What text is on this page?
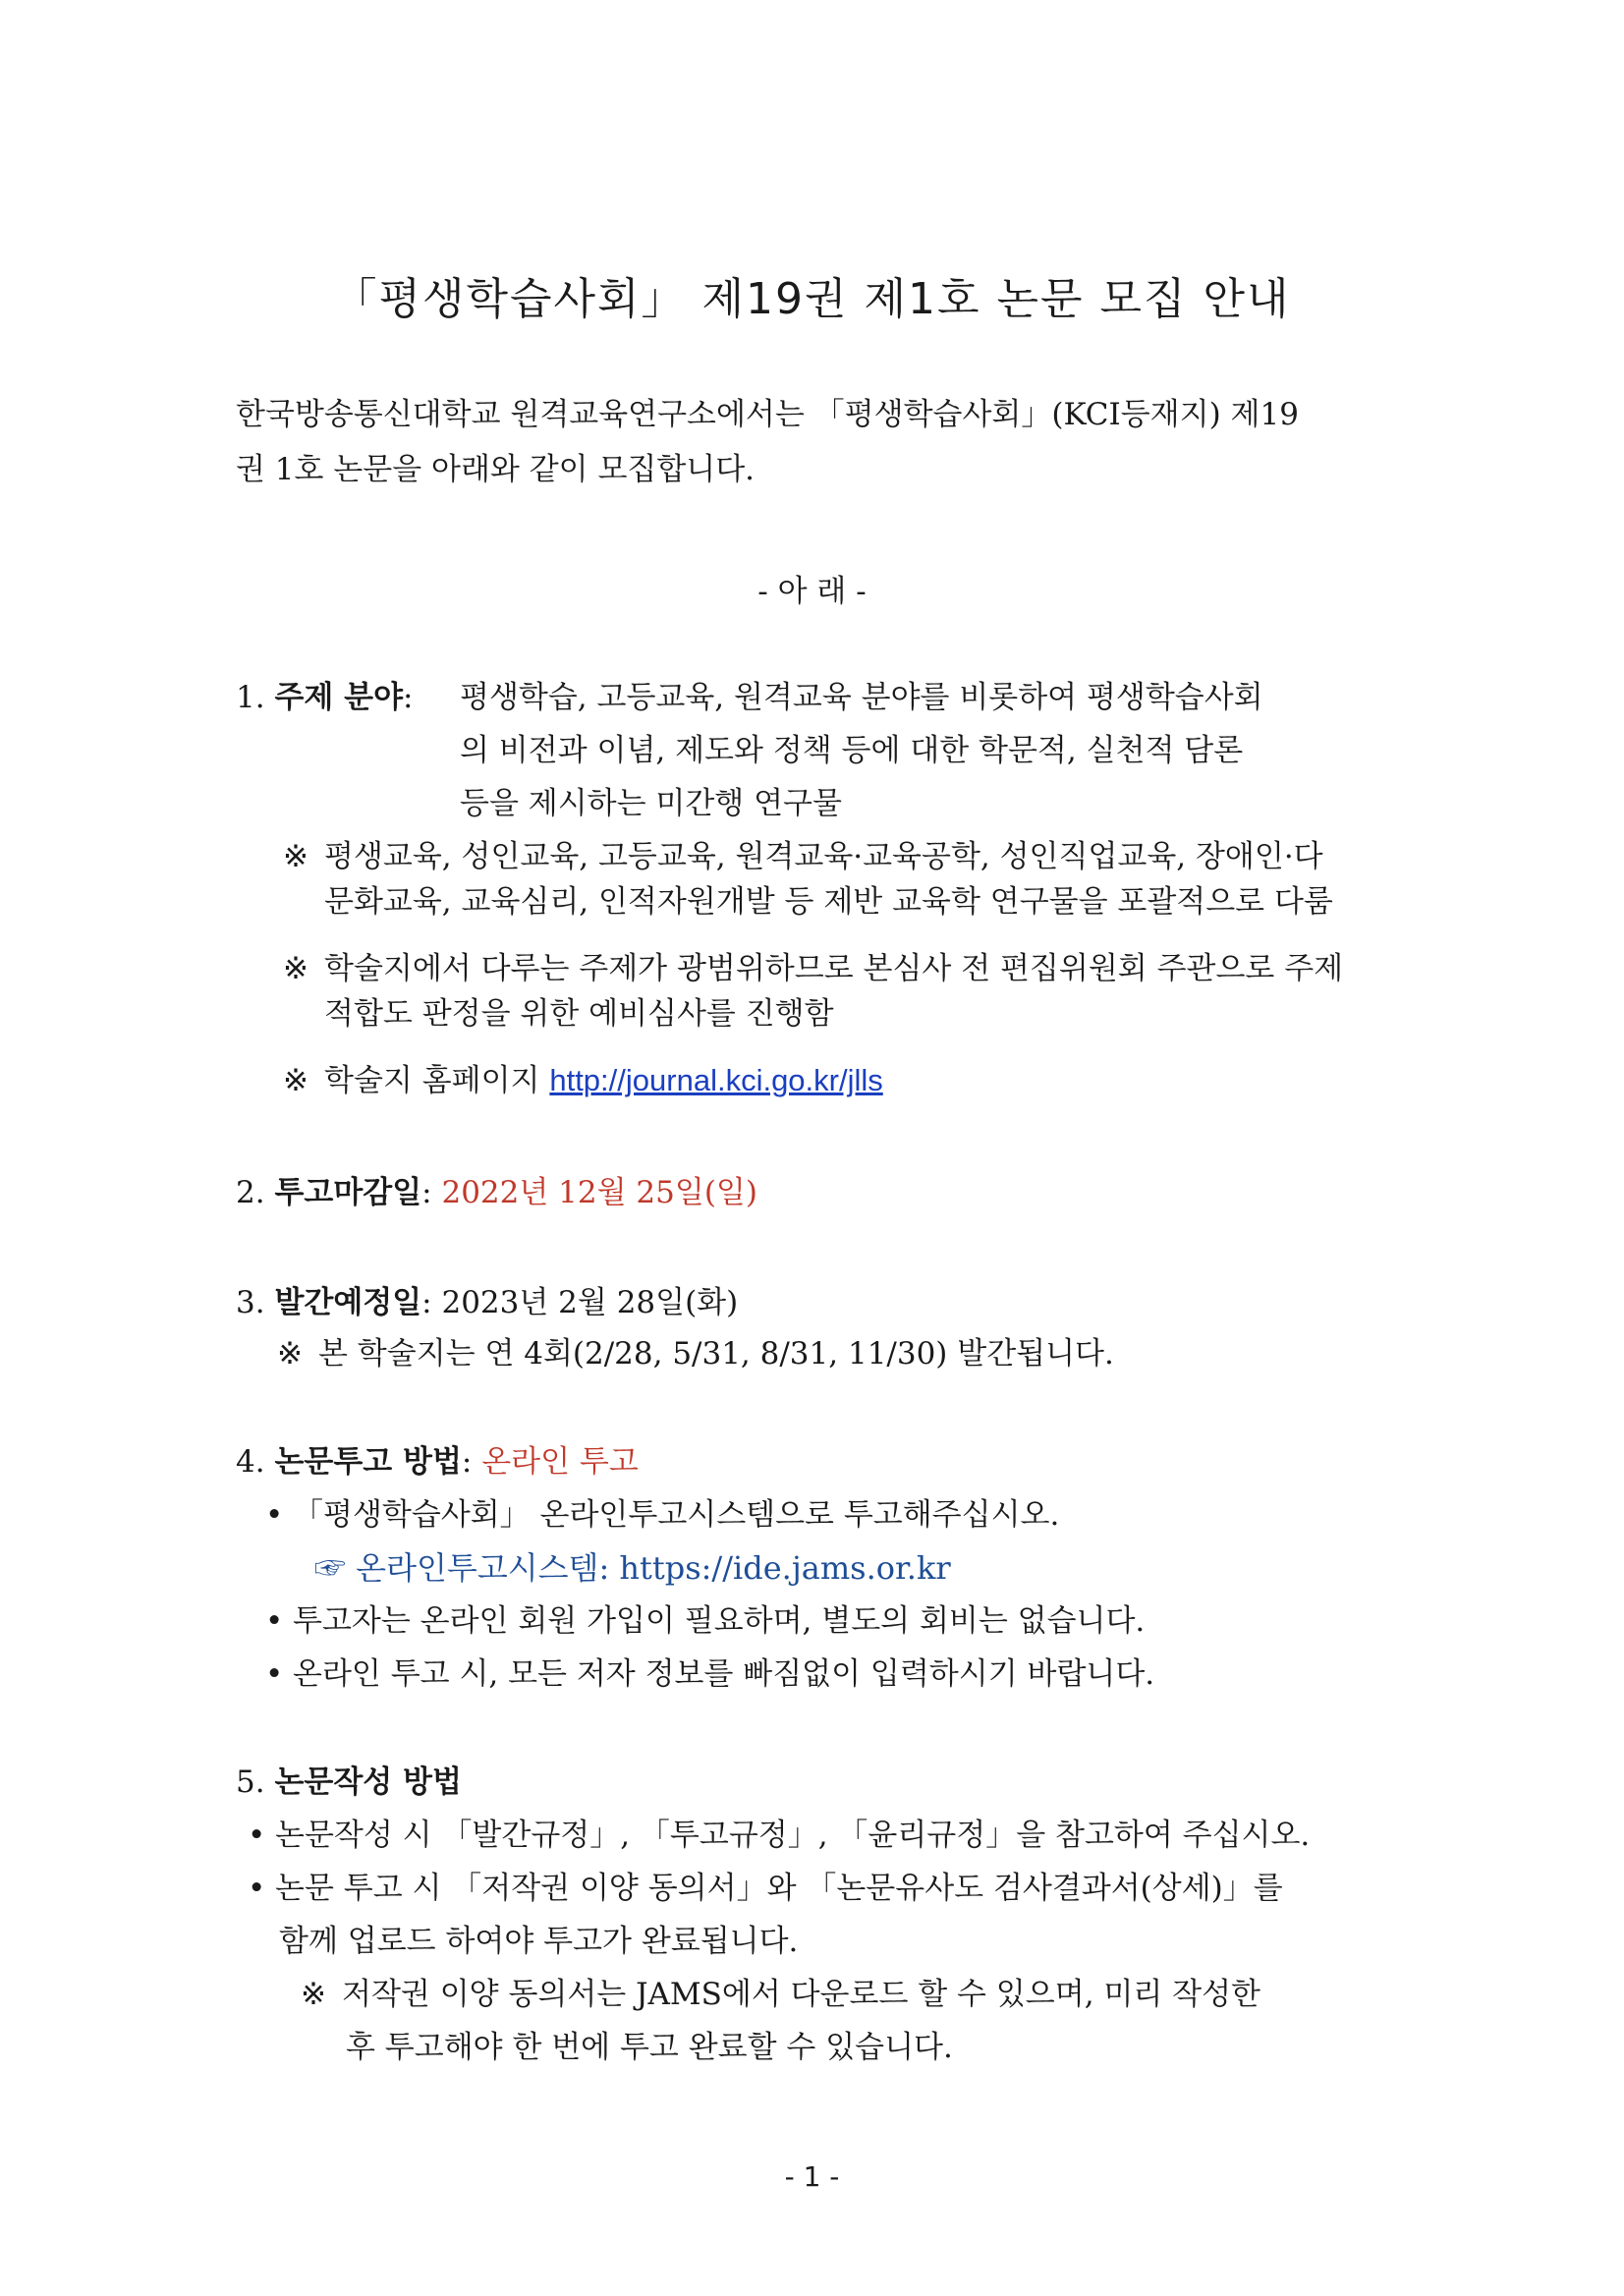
「평생학습사회」 제19권 제1호 논문 모집 안내
한국방송통신대학교 원격교육연구소에서는 「평생학습사회」(KCI등재지) 제19
권 1호 논문을 아래와 같이 모집합니다.
- 아 래 -
1. 주제 분야: 평생학습, 고등교육, 원격교육 분야를 비롯하여 평생학습사회
의 비전과 이념, 제도와 정책 등에 대한 학문적, 실천적 담론
등을 제시하는 미간행 연구물
※ 평생교육, 성인교육, 고등교육, 원격교육·교육공학, 성인직업교육, 장애인·다
문화교육, 교육심리, 인적자원개발 등 제반 교육학 연구물을 포괄적으로 다룸
※ 학술지에서 다루는 주제가 광범위하므로 본심사 전 편집위원회 주관으로 주제
적합도 판정을 위한 예비심사를 진행함
※ 학술지 홈페이지 http://journal.kci.go.kr/jlls
2. 투고마감일: 2022년 12월 25일(일)
3. 발간예정일: 2023년 2월 28일(화)
※ 본 학술지는 연 4회(2/28, 5/31, 8/31, 11/30) 발간됩니다.
4. 논문투고 방법: 온라인 투고
• 「평생학습사회」 온라인투고시스템으로 투고해주십시오.
☞ 온라인투고시스템: https://ide.jams.or.kr
• 투고자는 온라인 회원 가입이 필요하며, 별도의 회비는 없습니다.
• 온라인 투고 시, 모든 저자 정보를 빠짐없이 입력하시기 바랍니다.
5. 논문작성 방법
• 논문작성 시 「발간규정」, 「투고규정」, 「윤리규정」을 참고하여 주십시오.
• 논문 투고 시 「저작권 이양 동의서」와 「논문유사도 검사결과서(상세)」를
함께 업로드 하여야 투고가 완료됩니다.
※ 저작권 이양 동의서는 JAMS에서 다운로드 할 수 있으며, 미리 작성한
후 투고해야 한 번에 투고 완료할 수 있습니다.
- 1 -
